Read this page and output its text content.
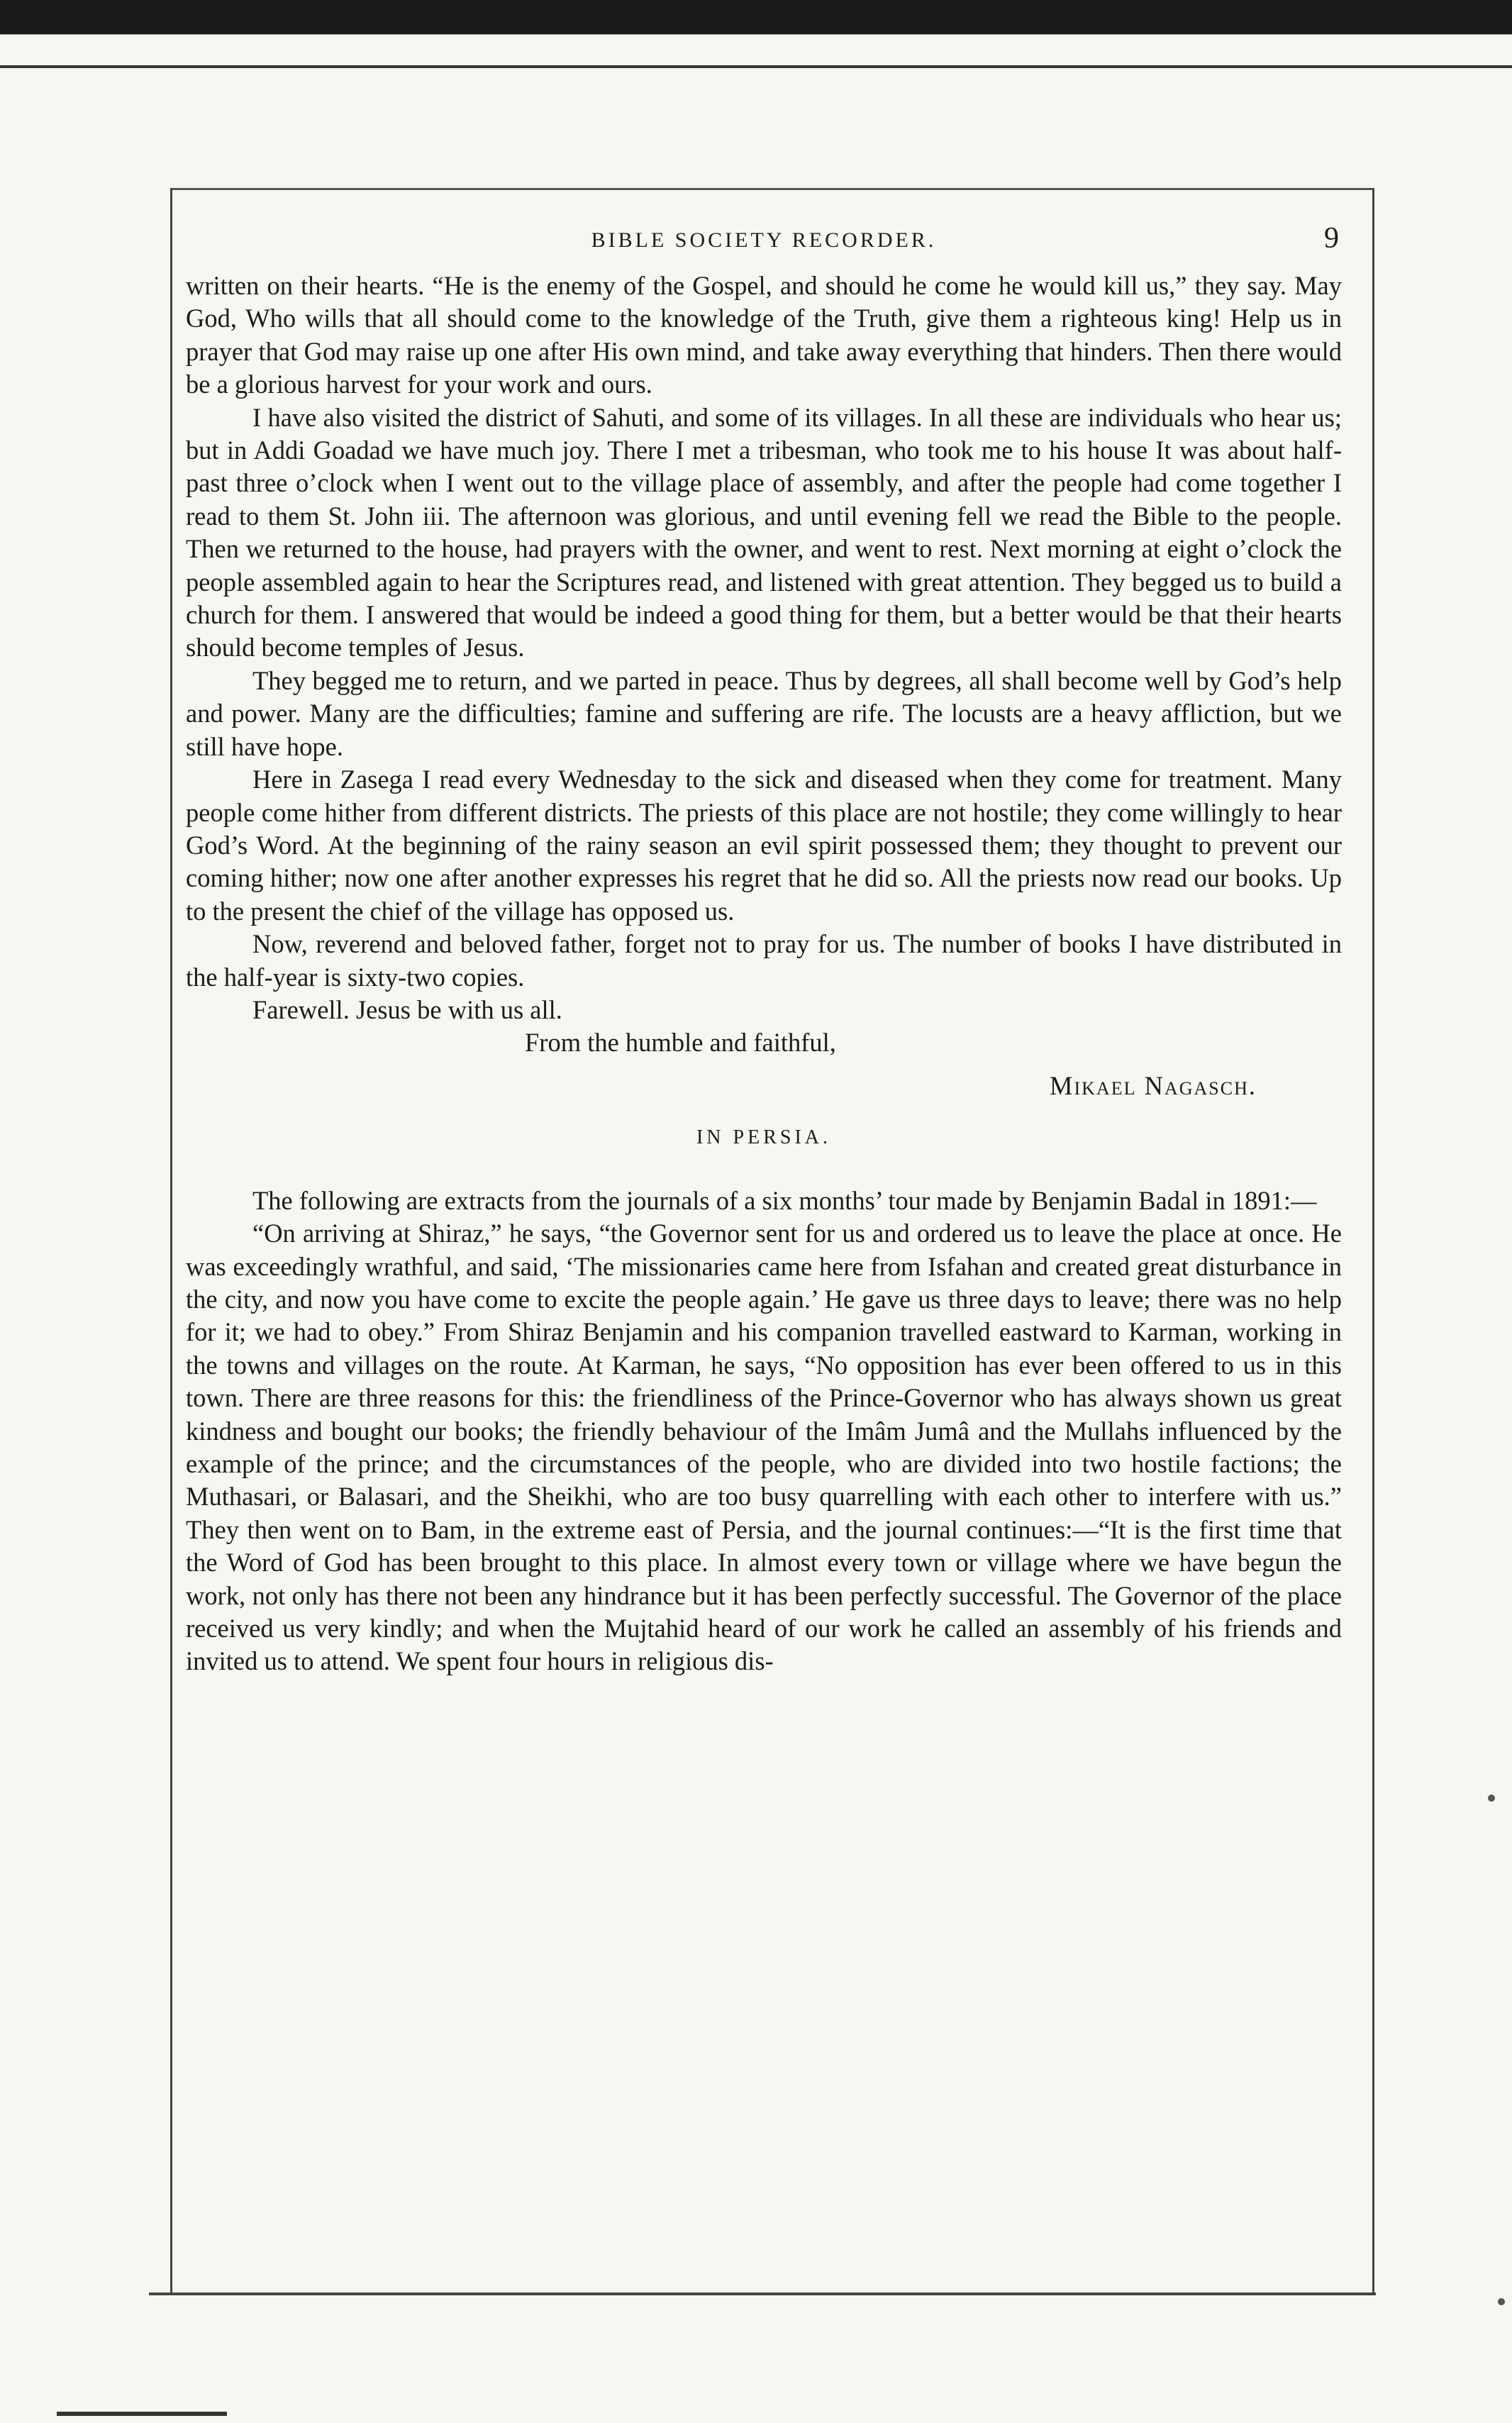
BIBLE SOCIETY RECORDER.	9

written on their hearts. “He is the enemy of the Gospel, and should he come he would kill us,” they say. May God, Who wills that all should come to the knowledge of the Truth, give them a righteous king! Help us in prayer that God may raise up one after His own mind, and take away everything that hinders. Then there would be a glorious harvest for your work and ours.

I have also visited the district of Sahuti, and some of its villages. In all these are individuals who hear us; but in Addi Goadad we have much joy. There I met a tribesman, who took me to his house It was about half-past three o’clock when I went out to the village place of assembly, and after the people had come together I read to them St. John iii. The afternoon was glorious, and until evening fell we read the Bible to the people. Then we returned to the house, had prayers with the owner, and went to rest. Next morning at eight o’clock the people assembled again to hear the Scriptures read, and listened with great attention. They begged us to build a church for them. I answered that would be indeed a good thing for them, but a better would be that their hearts should become temples of Jesus.

They begged me to return, and we parted in peace. Thus by degrees, all shall become well by God’s help and power. Many are the difficulties; famine and suffering are rife. The locusts are a heavy affliction, but we still have hope.

Here in Zasega I read every Wednesday to the sick and diseased when they come for treatment. Many people come hither from different districts. The priests of this place are not hostile; they come willingly to hear God’s Word. At the beginning of the rainy season an evil spirit possessed them; they thought to prevent our coming hither; now one after another expresses his regret that he did so. All the priests now read our books. Up to the present the chief of the village has opposed us.

Now, reverend and beloved father, forget not to pray for us. The number of books I have distributed in the half-year is sixty-two copies.

Farewell. Jesus be with us all.

From the humble and faithful,

Mikael Nagasch.

IN PERSIA.

The following are extracts from the journals of a six months’ tour made by Benjamin Badal in 1891:—

“On arriving at Shiraz,” he says, “the Governor sent for us and ordered us to leave the place at once. He was exceedingly wrathful, and said, ‘The missionaries came here from Isfahan and created great disturbance in the city, and now you have come to excite the people again.’ He gave us three days to leave; there was no help for it; we had to obey.” From Shiraz Benjamin and his companion travelled eastward to Karman, working in the towns and villages on the route. At Karman, he says, “No opposition has ever been offered to us in this town. There are three reasons for this: the friendliness of the Prince-Governor who has always shown us great kindness and bought our books; the friendly behaviour of the Imâm Jumâ and the Mullahs influenced by the example of the prince; and the circumstances of the people, who are divided into two hostile factions; the Muthasari, or Balasari, and the Sheikhi, who are too busy quarrelling with each other to interfere with us.” They then went on to Bam, in the extreme east of Persia, and the journal continues:—“It is the first time that the Word of God has been brought to this place. In almost every town or village where we have begun the work, not only has there not been any hindrance but it has been perfectly successful. The Governor of the place received us very kindly; and when the Mujtahid heard of our work he called an assembly of his friends and invited us to attend. We spent four hours in religious dis-
